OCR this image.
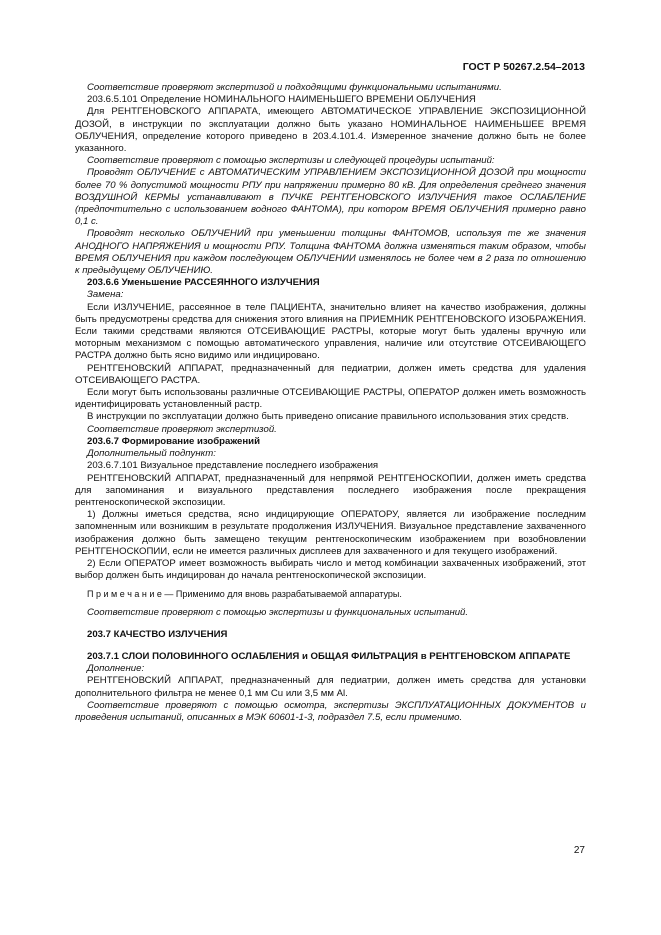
ГОСТ Р 50267.2.54–2013

Соответствие проверяют экспертизой и подходящими функциональными испытаниями.

203.6.5.101 Определение НОМИНАЛЬНОГО НАИМЕНЬШЕГО ВРЕМЕНИ ОБЛУЧЕНИЯ

Для РЕНТГЕНОВСКОГО АППАРАТА, имеющего АВТОМАТИЧЕСКОЕ УПРАВЛЕНИЕ ЭКСПОЗИЦИОННОЙ ДОЗОЙ, в инструкции по эксплуатации должно быть указано НОМИНАЛЬНОЕ НАИМЕНЬШЕЕ ВРЕМЯ ОБЛУЧЕНИЯ, определение которого приведено в 203.4.101.4. Измеренное значение должно быть не более указанного.

Соответствие проверяют с помощью экспертизы и следующей процедуры испытаний:

Проводят ОБЛУЧЕНИЕ с АВТОМАТИЧЕСКИМ УПРАВЛЕНИЕМ ЭКСПОЗИЦИОННОЙ ДОЗОЙ при мощности более 70 % допустимой мощности РПУ при напряжении примерно 80 кВ. Для определения среднего значения ВОЗДУШНОЙ КЕРМЫ устанавливают в ПУЧКЕ РЕНТГЕНОВСКОГО ИЗЛУЧЕНИЯ такое ОСЛАБЛЕНИЕ (предпочтительно с использованием водного ФАНТОМА), при котором ВРЕМЯ ОБЛУЧЕНИЯ примерно равно 0,1 с.

Проводят несколько ОБЛУЧЕНИЙ при уменьшении толщины ФАНТОМОВ, используя те же значения АНОДНОГО НАПРЯЖЕНИЯ и мощности РПУ. Толщина ФАНТОМА должна изменяться таким образом, чтобы ВРЕМЯ ОБЛУЧЕНИЯ при каждом последующем ОБЛУЧЕНИИ изменялось не более чем в 2 раза по отношению к предыдущему ОБЛУЧЕНИЮ.

203.6.6 Уменьшение РАССЕЯННОГО ИЗЛУЧЕНИЯ

Замена:

Если ИЗЛУЧЕНИЕ, рассеянное в теле ПАЦИЕНТА, значительно влияет на качество изображения, должны быть предусмотрены средства для снижения этого влияния на ПРИЕМНИК РЕНТГЕНОВСКОГО ИЗОБРАЖЕНИЯ. Если такими средствами являются ОТСЕИВАЮЩИЕ РАСТРЫ, которые могут быть удалены вручную или моторным механизмом с помощью автоматического управления, наличие или отсутствие ОТСЕИВАЮЩЕГО РАСТРА должно быть ясно видимо или индицировано.

РЕНТГЕНОВСКИЙ АППАРАТ, предназначенный для педиатрии, должен иметь средства для удаления ОТСЕИВАЮЩЕГО РАСТРА.

Если могут быть использованы различные ОТСЕИВАЮЩИЕ РАСТРЫ, ОПЕРАТОР должен иметь возможность идентифицировать установленный растр.

В инструкции по эксплуатации должно быть приведено описание правильного использования этих средств.

Соответствие проверяют экспертизой.

203.6.7 Формирование изображений

Дополнительный подпункт:

203.6.7.101 Визуальное представление последнего изображения

РЕНТГЕНОВСКИЙ АППАРАТ, предназначенный для непрямой РЕНТГЕНОСКОПИИ, должен иметь средства для запоминания и визуального представления последнего изображения после прекращения рентгеноскопической экспозиции.

1) Должны иметься средства, ясно индицирующие ОПЕРАТОРУ, является ли изображение последним запомненным или возникшим в результате продолжения ИЗЛУЧЕНИЯ. Визуальное представление захваченного изображения должно быть замещено текущим рентгеноскопическим изображением при возобновлении РЕНТГЕНОСКОПИИ, если не имеется различных дисплеев для захваченного и для текущего изображений.

2) Если ОПЕРАТОР имеет возможность выбирать число и метод комбинации захваченных изображений, этот выбор должен быть индицирован до начала рентгеноскопической экспозиции.

П р и м е ч а н и е — Применимо для вновь разрабатываемой аппаратуры.

Соответствие проверяют с помощью экспертизы и функциональных испытаний.

203.7 КАЧЕСТВО ИЗЛУЧЕНИЯ

203.7.1 СЛОИ ПОЛОВИННОГО ОСЛАБЛЕНИЯ и ОБЩАЯ ФИЛЬТРАЦИЯ в РЕНТГЕНОВСКОМ АППАРАТЕ

Дополнение:

РЕНТГЕНОВСКИЙ АППАРАТ, предназначенный для педиатрии, должен иметь средства для установки дополнительного фильтра не менее 0,1 мм Cu или 3,5 мм Al.

Соответствие проверяют с помощью осмотра, экспертизы ЭКСПЛУАТАЦИОННЫХ ДОКУМЕНТОВ и проведения испытаний, описанных в МЭК 60601-1-3, подраздел 7.5, если применимо.

27
